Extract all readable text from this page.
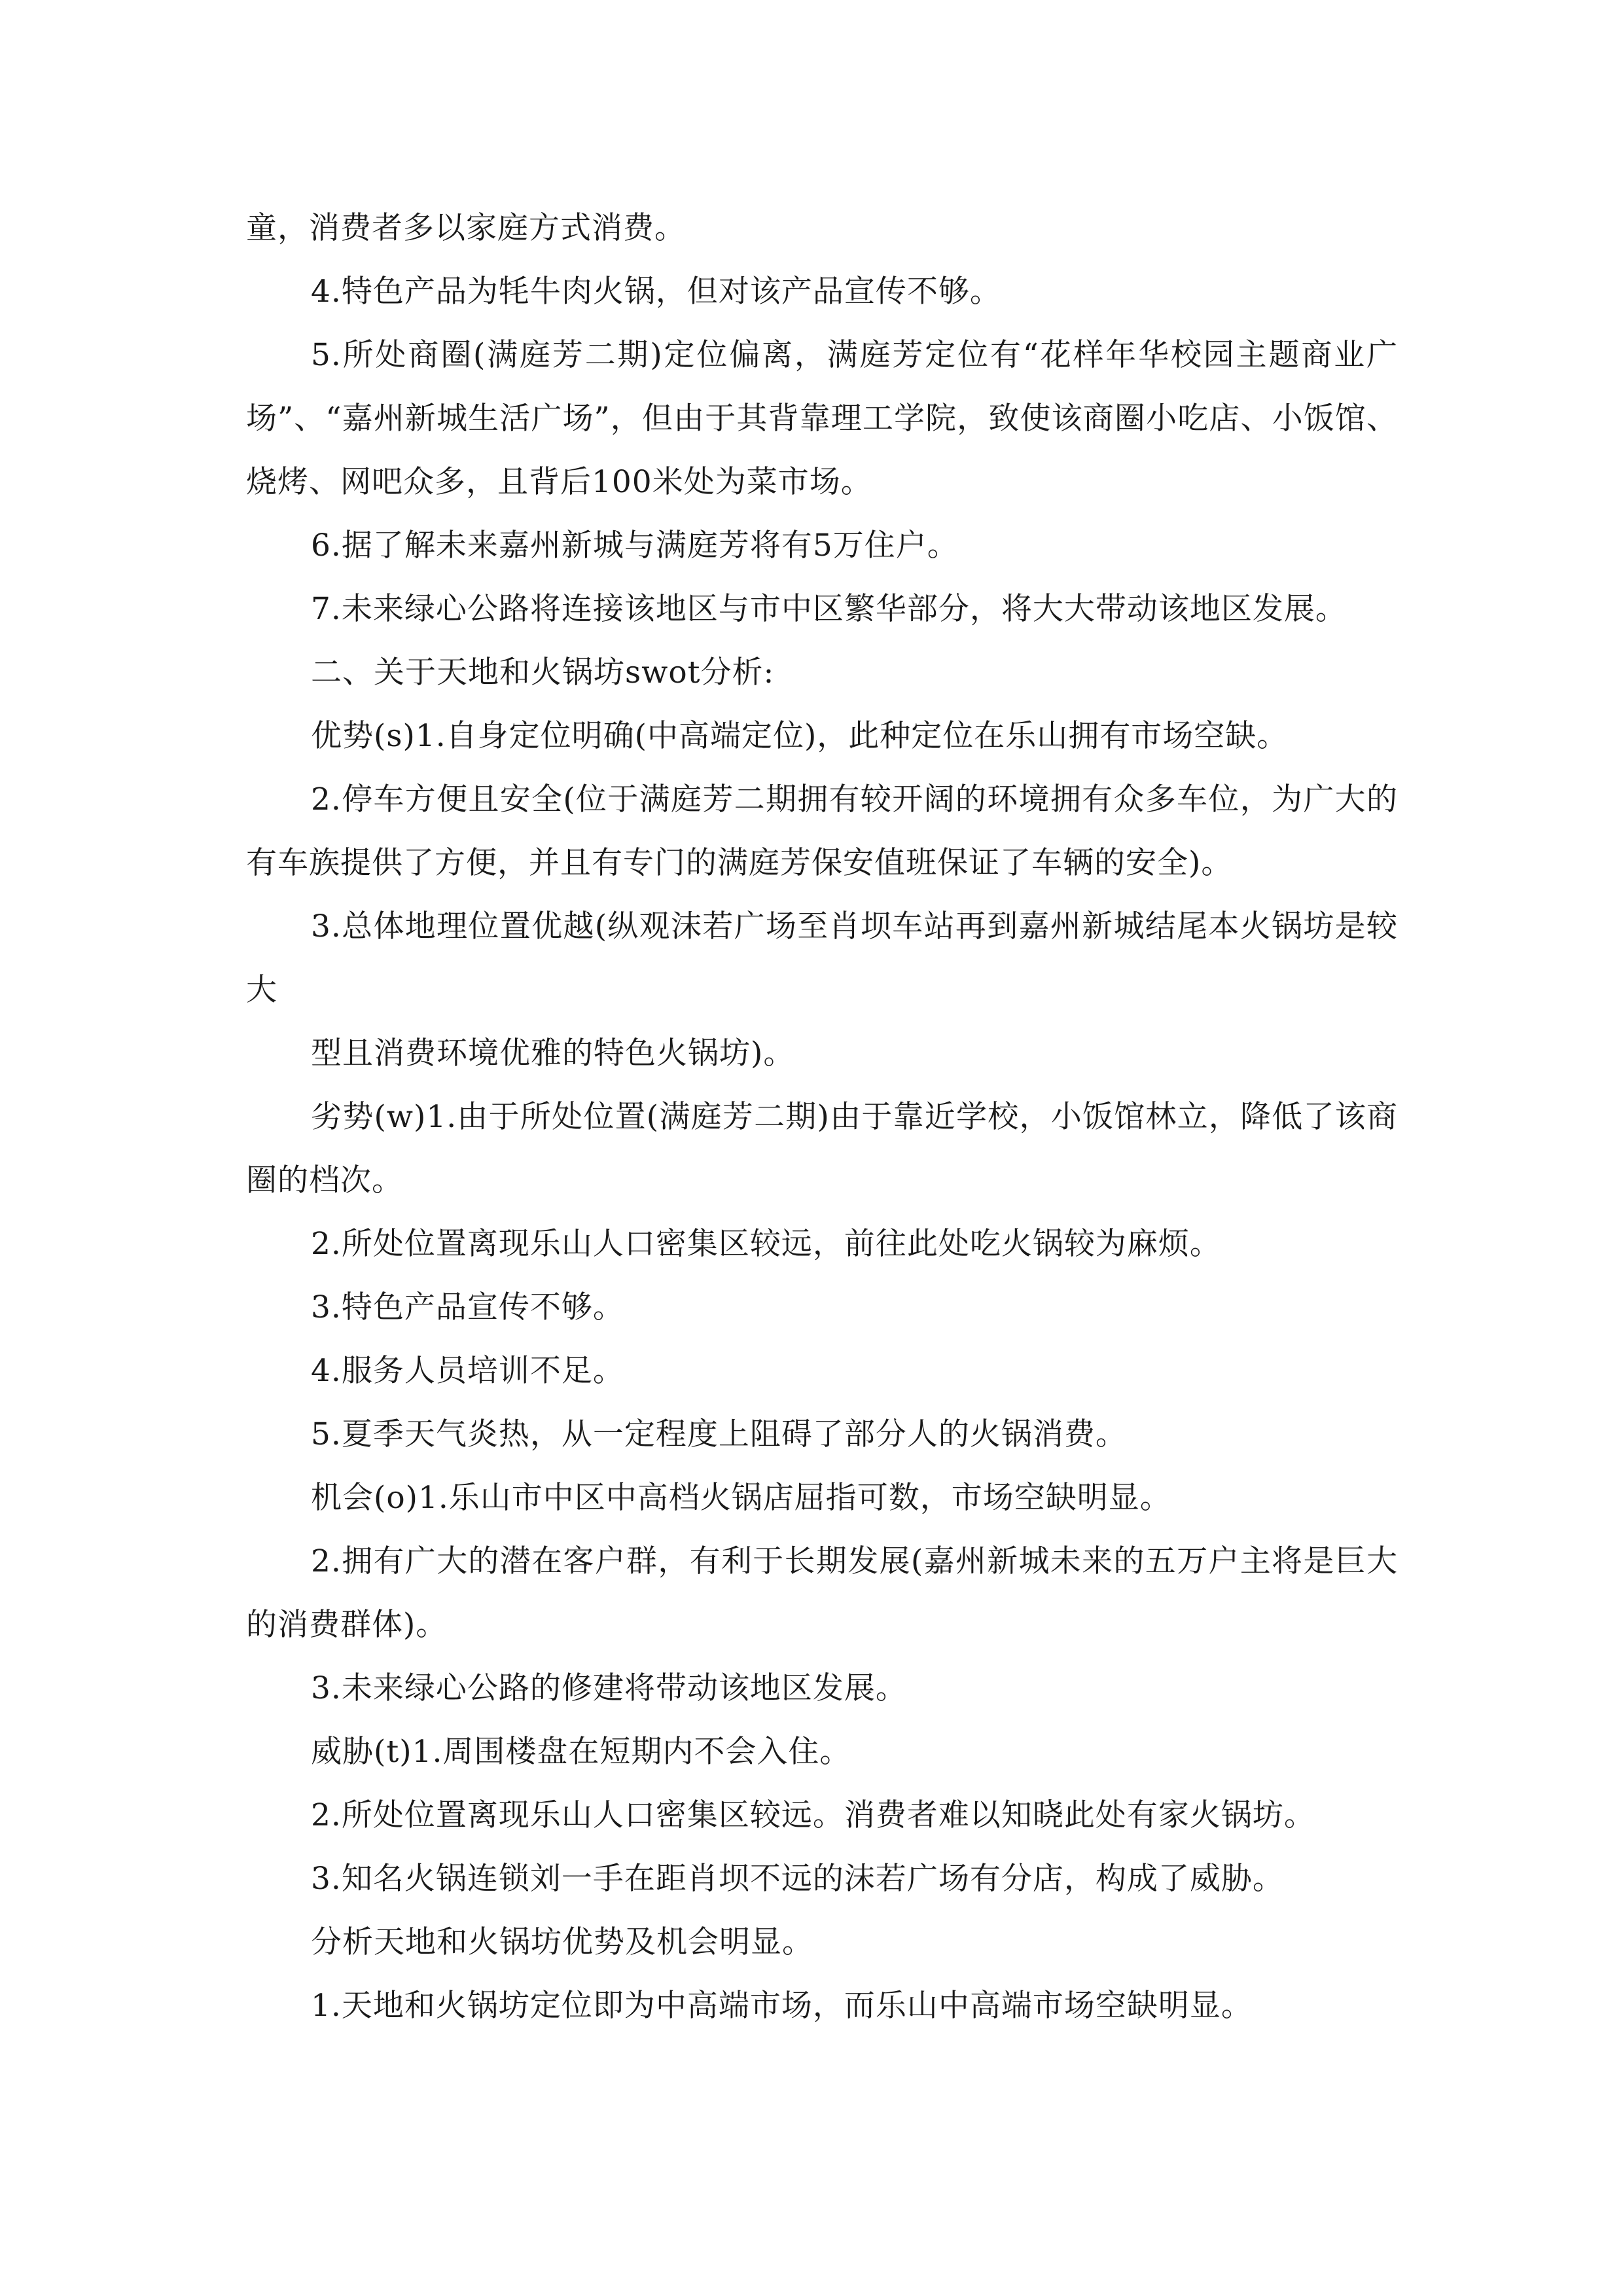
童，消费者多以家庭方式消费。

4.特色产品为牦牛肉火锅，但对该产品宣传不够。

5.所处商圈(满庭芳二期)定位偏离，满庭芳定位有“花样年华校园主题商业广场”、“嘉州新城生活广场”，但由于其背靠理工学院，致使该商圈小吃店、小饭馆、烧烤、网吧众多，且背后100米处为菜市场。

6.据了解未来嘉州新城与满庭芳将有5万住户。

7.未来绿心公路将连接该地区与市中区繁华部分，将大大带动该地区发展。

二、关于天地和火锅坊swot分析:

优势(s)1.自身定位明确(中高端定位)，此种定位在乐山拥有市场空缺。

2.停车方便且安全(位于满庭芳二期拥有较开阔的环境拥有众多车位，为广大的有车族提供了方便，并且有专门的满庭芳保安值班保证了车辆的安全)。

3.总体地理位置优越(纵观沫若广场至肖坝车站再到嘉州新城结尾本火锅坊是较大

型且消费环境优雅的特色火锅坊)。

劣势(w)1.由于所处位置(满庭芳二期)由于靠近学校，小饭馆林立，降低了该商圈的档次。

2.所处位置离现乐山人口密集区较远，前往此处吃火锅较为麻烦。

3.特色产品宣传不够。

4.服务人员培训不足。

5.夏季天气炎热，从一定程度上阻碍了部分人的火锅消费。

机会(o)1.乐山市中区中高档火锅店屈指可数，市场空缺明显。

2.拥有广大的潜在客户群，有利于长期发展(嘉州新城未来的五万户主将是巨大的消费群体)。

3.未来绿心公路的修建将带动该地区发展。

威胁(t)1.周围楼盘在短期内不会入住。

2.所处位置离现乐山人口密集区较远。消费者难以知晓此处有家火锅坊。

3.知名火锅连锁刘一手在距肖坝不远的沫若广场有分店，构成了威胁。

分析天地和火锅坊优势及机会明显。

1.天地和火锅坊定位即为中高端市场，而乐山中高端市场空缺明显。
